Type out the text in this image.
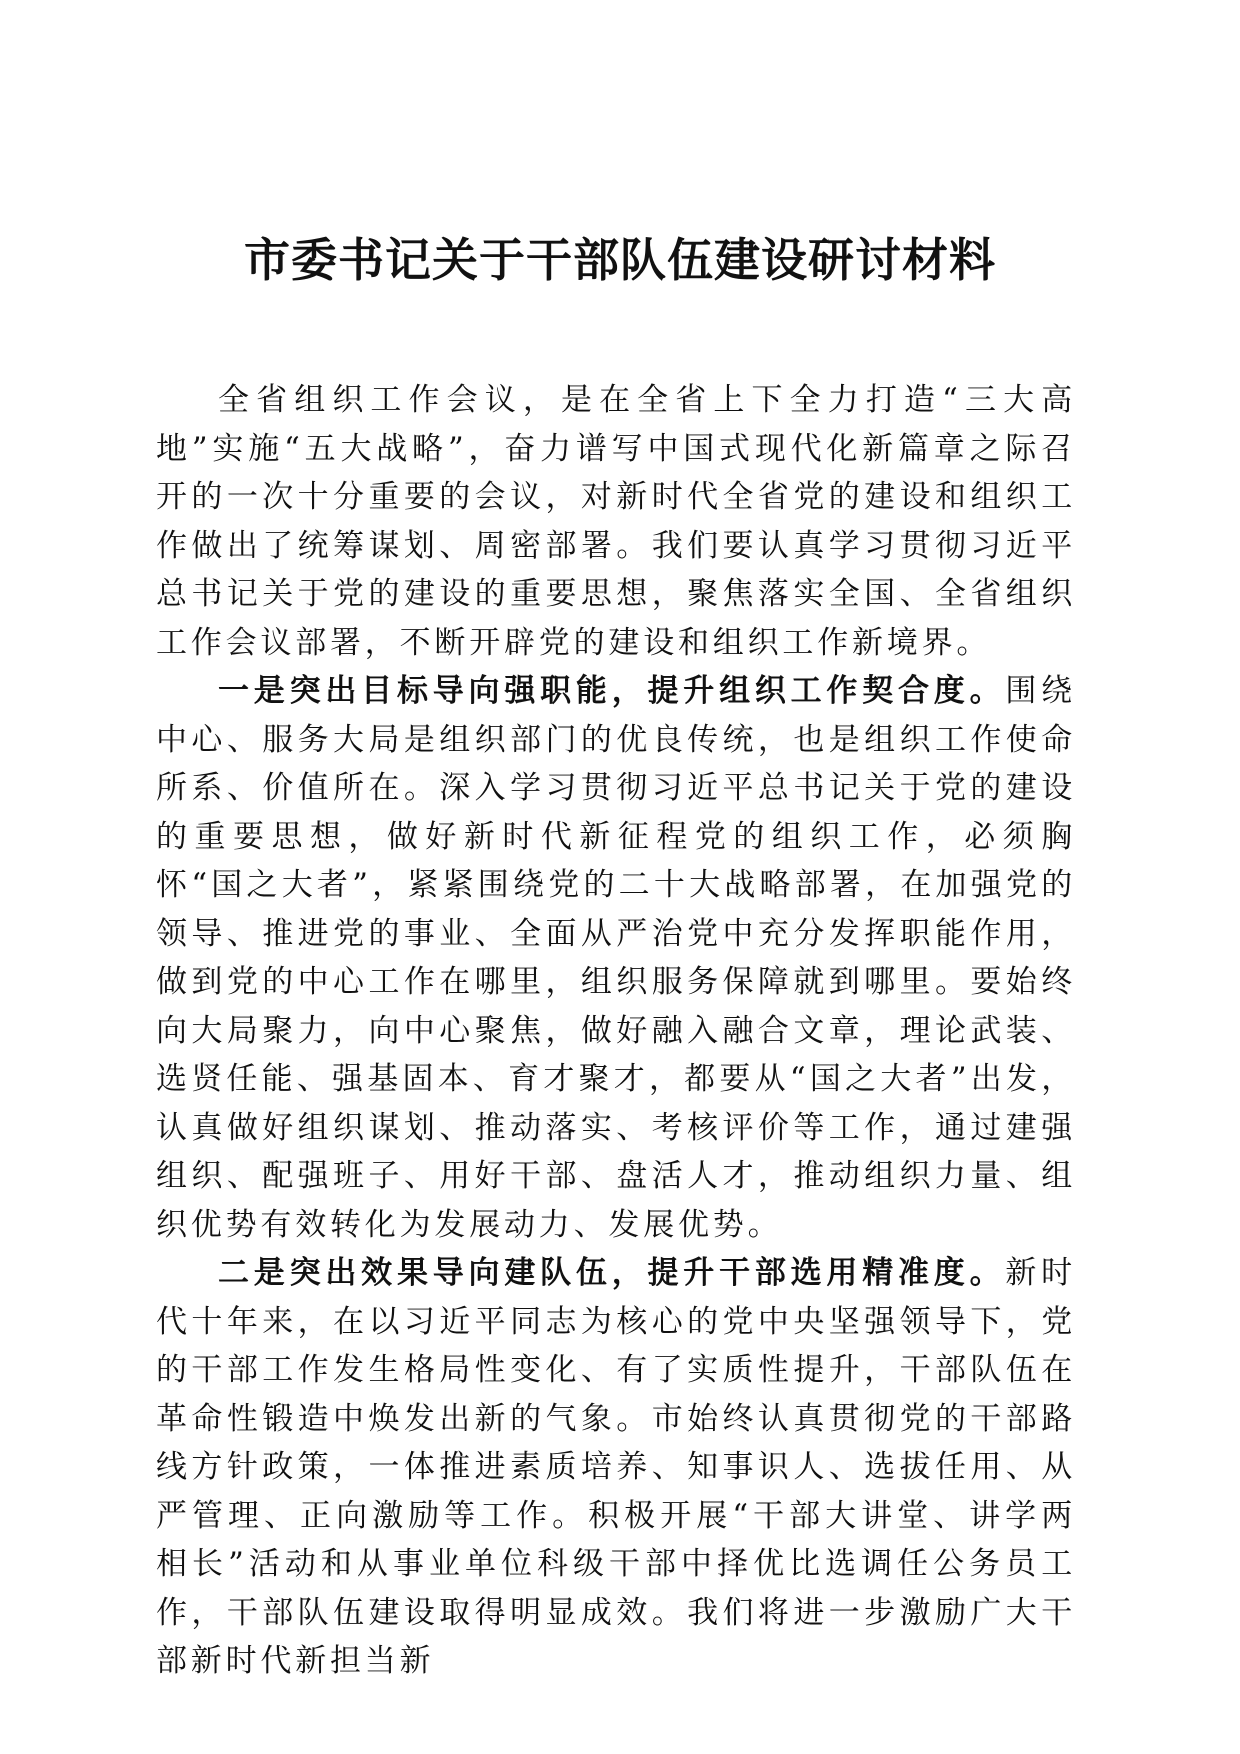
市委书记关于干部队伍建设研讨材料

全省组织工作会议，是在全省上下全力打造“三大高地”实施“五大战略”，奋力谱写中国式现代化新篇章之际召开的一次十分重要的会议，对新时代全省党的建设和组织工作做出了统筹谋划、周密部署。我们要认真学习贯彻习近平总书记关于党的建设的重要思想，聚焦落实全国、全省组织工作会议部署，不断开辟党的建设和组织工作新境界。

一是突出目标导向强职能，提升组织工作契合度。围绕中心、服务大局是组织部门的优良传统，也是组织工作使命所系、价值所在。深入学习贯彻习近平总书记关于党的建设的重要思想，做好新时代新征程党的组织工作，必须胸怀“国之大者”，紧紧围绕党的二十大战略部署，在加强党的领导、推进党的事业、全面从严治党中充分发挥职能作用，做到党的中心工作在哪里，组织服务保障就到哪里。要始终向大局聚力，向中心聚焦，做好融入融合文章，理论武装、选贤任能、强基固本、育才聚才，都要从“国之大者”出发，认真做好组织谋划、推动落实、考核评价等工作，通过建强组织、配强班子、用好干部、盘活人才，推动组织力量、组织优势有效转化为发展动力、发展优势。

二是突出效果导向建队伍，提升干部选用精准度。新时代十年来，在以习近平同志为核心的党中央坚强领导下，党的干部工作发生格局性变化、有了实质性提升，干部队伍在革命性锻造中焕发出新的气象。市始终认真贯彻党的干部路线方针政策，一体推进素质培养、知事识人、选拔任用、从严管理、正向激励等工作。积极开展“干部大讲堂、讲学两相长”活动和从事业单位科级干部中择优比选调任公务员工作，干部队伍建设取得明显成效。我们将进一步激励广大干部新时代新担当新
